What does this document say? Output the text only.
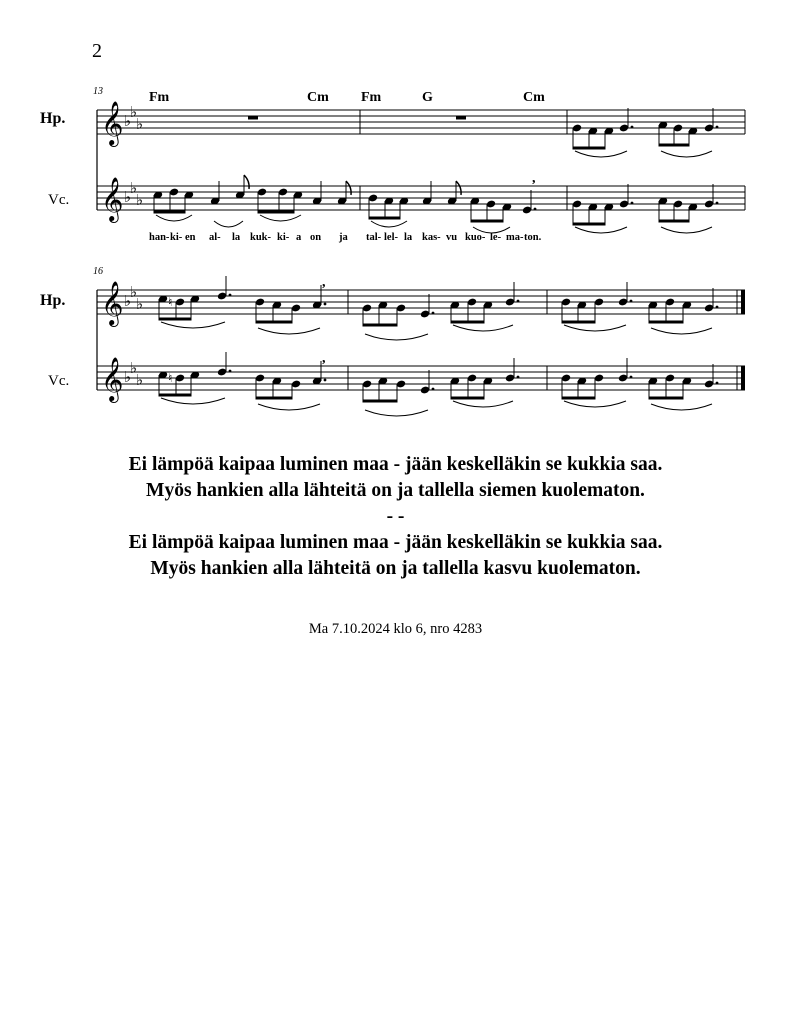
2
13
Hp.
Vc.
𝄞 ♭
♭
♭
Fm	Cm Fm	G	Cm
𝄞 ♭
♭
♭
,
han- ki- en al- la kuk- ki- a on ja tal- lel- la kas- vu kuo- le- ma- ton.
16
Hp.
Vc.
𝄞 ♭
♭
♭ ♮
,
𝄞 ♭
♭
♭ ♮
,
Ei lämpöä kaipaa luminen maa - jään keskelläkin se kukkia saa.
Myös hankien alla lähteitä on ja tallella siemen kuolematon.
- -
Ei lämpöä kaipaa luminen maa - jään keskelläkin se kukkia saa.
Myös hankien alla lähteitä on ja tallella kasvu kuolematon.
Ma 7.10.2024 klo 6, nro 4283
